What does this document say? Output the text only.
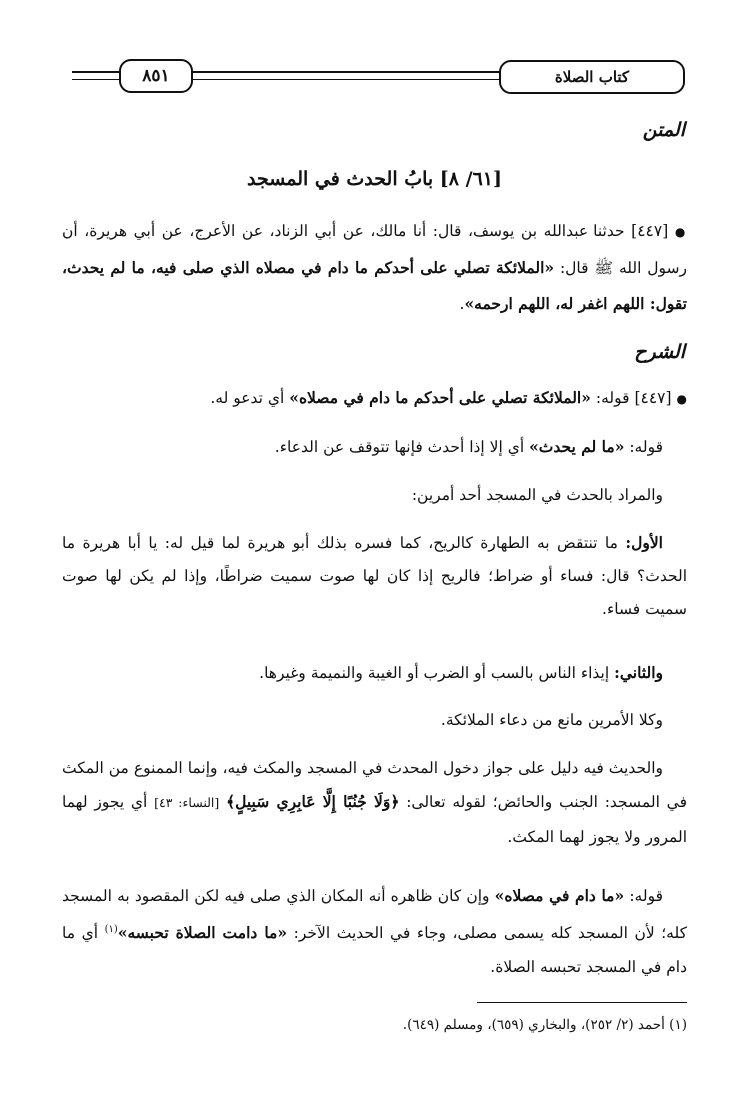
كتاب الصلاة
٨٥١
المتن
[٦١/ ٨] بابُ الحدث في المسجد

● [٤٤٧] حدثنا عبدالله بن يوسف، قال: أنا مالك، عن أبي الزناد، عن الأعرج، عن أبي هريرة، أن رسول الله ﷺ قال: «الملائكة تصلي على أحدكم ما دام في مصلاه الذي صلى فيه، ما لم يحدث، تقول: اللهم اغفر له، اللهم ارحمه».

الشرح

● [٤٤٧] قوله: «الملائكة تصلي على أحدكم ما دام في مصلاه» أي تدعو له.

قوله: «ما لم يحدث» أي إلا إذا أحدث فإنها تتوقف عن الدعاء.

والمراد بالحدث في المسجد أحد أمرين:

الأول: ما تنتقض به الطهارة كالريح، كما فسره بذلك أبو هريرة لما قيل له: يا أبا هريرة ما الحدث؟ قال: فساء أو ضراط؛ فالريح إذا كان لها صوت سميت ضراطًا، وإذا لم يكن لها صوت سميت فساء.

والثاني: إيذاء الناس بالسب أو الضرب أو الغيبة والنميمة وغيرها.

وكلا الأمرين مانع من دعاء الملائكة.

والحديث فيه دليل على جواز دخول المحدث في المسجد والمكث فيه، وإنما الممنوع من المكث في المسجد: الجنب والحائض؛ لقوله تعالى: ﴿وَلَا جُنُبًا إِلَّا عَابِرِي سَبِيلٍ﴾ [النساء: ٤٣] أي يجوز لهما المرور ولا يجوز لهما المكث.

قوله: «ما دام في مصلاه» وإن كان ظاهره أنه المكان الذي صلى فيه لكن المقصود به المسجد كله؛ لأن المسجد كله يسمى مصلى، وجاء في الحديث الآخر: «ما دامت الصلاة تحبسه»$^{(١)}$ أي ما دام في المسجد تحبسه الصلاة.

(١) أحمد (٢/ ٢٥٢)، والبخاري (٦٥٩)، ومسلم (٦٤٩).
